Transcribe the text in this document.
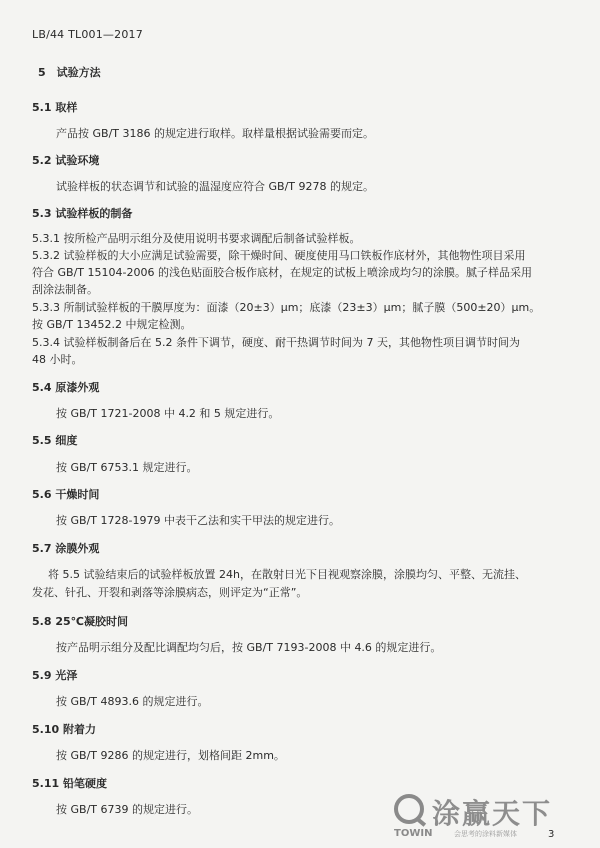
LB/44 TL001—2017
5　试验方法
5.1 取样
产品按 GB/T 3186 的规定进行取样。取样量根据试验需要而定。
5.2 试验环境
试验样板的状态调节和试验的温湿度应符合 GB/T 9278 的规定。
5.3 试验样板的制备
5.3.1 按所检产品明示组分及使用说明书要求调配后制备试验样板。
5.3.2 试验样板的大小应满足试验需要，除干燥时间、硬度使用马口铁板作底材外，其他物性项目采用
符合 GB/T 15104-2006 的浅色贴面胶合板作底材，在规定的试板上喷涂成均匀的涂膜。腻子样品采用
刮涂法制备。
5.3.3 所制试验样板的干膜厚度为：面漆（20±3）μm；底漆（23±3）μm；腻子膜（500±20）μm。
按 GB/T 13452.2 中规定检测。
5.3.4 试验样板制备后在 5.2 条件下调节，硬度、耐干热调节时间为 7 天，其他物性项目调节时间为
48 小时。
5.4 原漆外观
按 GB/T 1721-2008 中 4.2 和 5 规定进行。
5.5 细度
按 GB/T 6753.1 规定进行。
5.6 干燥时间
按 GB/T 1728-1979 中表干乙法和实干甲法的规定进行。
5.7 涂膜外观
将 5.5 试验结束后的试验样板放置 24h，在散射日光下目视观察涂膜，涂膜均匀、平整、无流挂、
发花、针孔、开裂和剥落等涂膜病态，则评定为“正常”。
5.8 25℃凝胶时间
按产品明示组分及配比调配均匀后，按 GB/T 7193-2008 中 4.6 的规定进行。
5.9 光泽
按 GB/T 4893.6 的规定进行。
5.10 附着力
按 GB/T 9286 的规定进行，划格间距 2mm。
5.11 铅笔硬度
按 GB/T 6739 的规定进行。	涂赢天下
TOWIN	会思考的涂料新媒体	3
